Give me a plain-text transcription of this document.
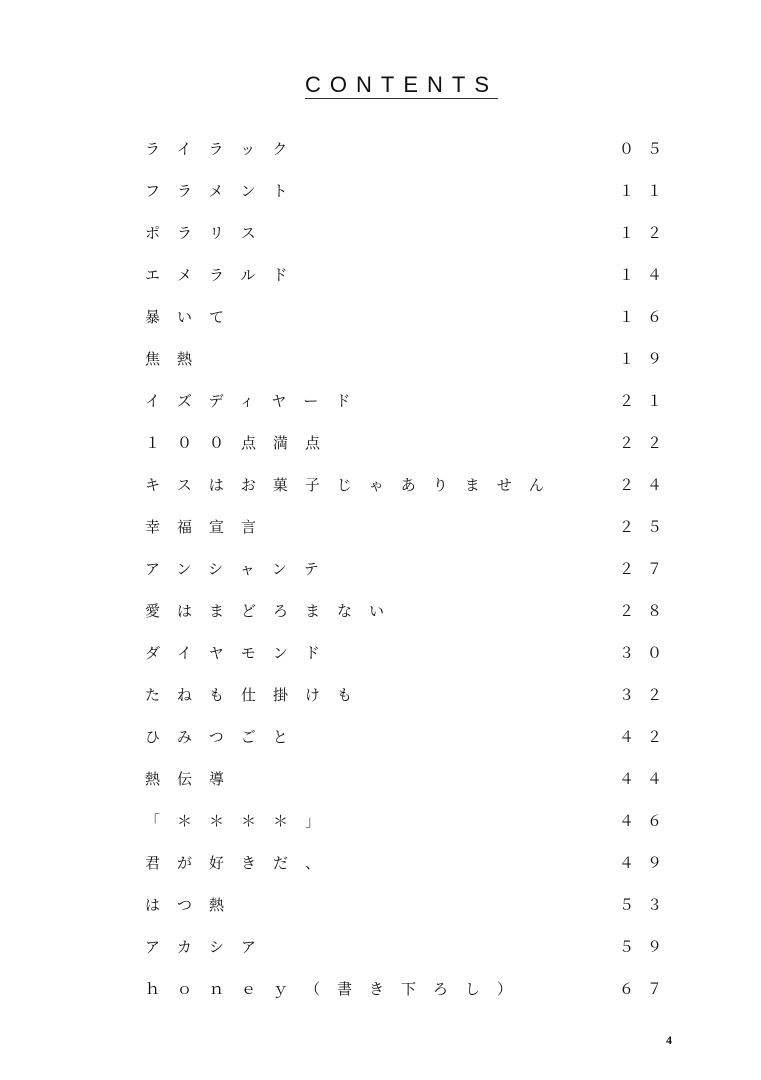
CONTENTS
ライラック	０５
フラメント	１１
ポラリス	１２
エメラルド	１４
暴いて	１６
焦熱	１９
イズディヤード	２１
１００点満点	２２
キスはお菓子じゃありません	２４
幸福宣言	２５
アンシャンテ	２７
愛はまどろまない	２８
ダイヤモンド	３０
たねも仕掛けも	３２
ひみつごと	４２
熱伝導	４４
「＊＊＊＊」	４６
君が好きだ、	４９
はつ熱	５３
アカシア	５９
ｈｏｎｅｙ（書き下ろし）	６７
4
